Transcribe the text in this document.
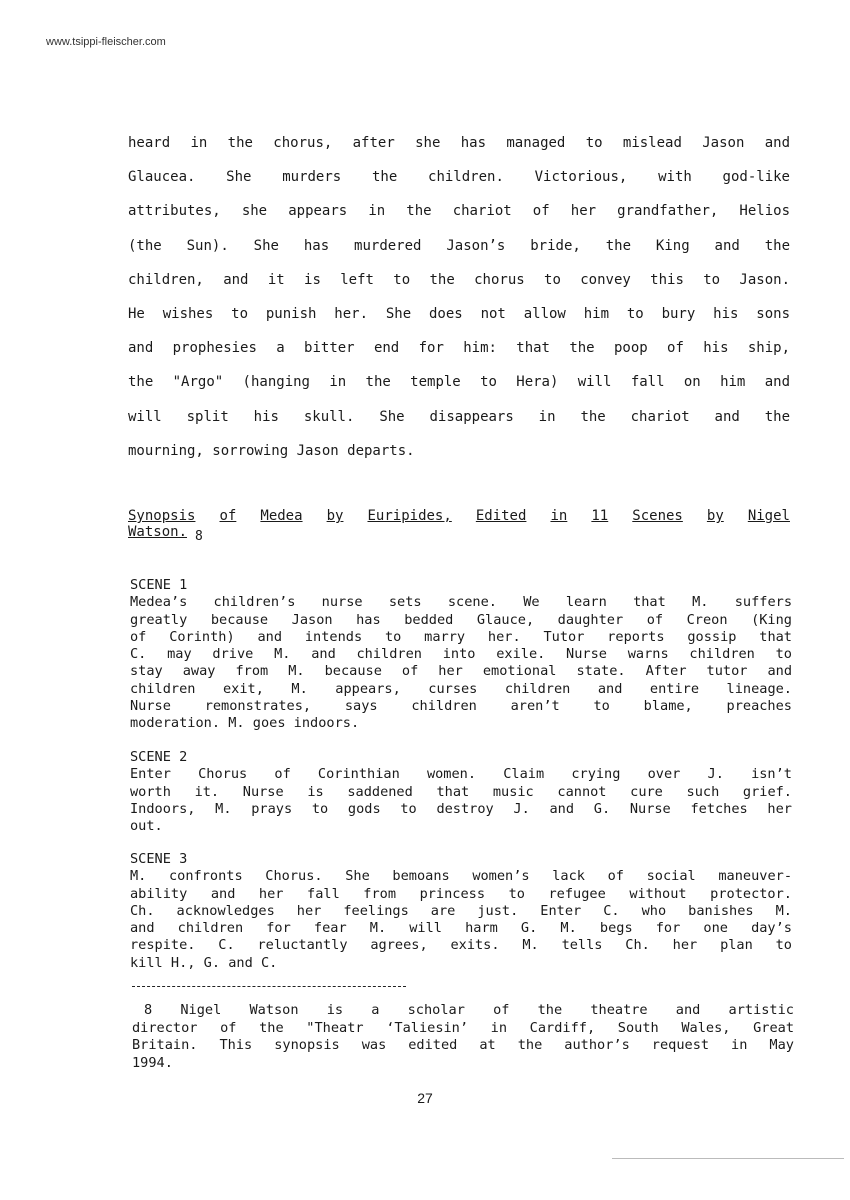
www.tsippi-fleischer.com
heard in the chorus, after she has managed to mislead Jason and
Glaucea. She murders the children. Victorious, with god-like
attributes, she appears in the chariot of her grandfather, Helios
(the Sun). She has murdered Jason’s bride, the King and the
children, and it is left to the chorus to convey this to Jason.
He wishes to punish her. She does not allow him to bury his sons
and prophesies a bitter end for him: that the poop of his ship,
the "Argo" (hanging in the temple to Hera) will fall on him and
will split his skull. She disappears in the chariot and the
mourning, sorrowing Jason departs.
Synopsis of Medea by Euripides, Edited in 11 Scenes by Nigel
Watson. 8
SCENE 1
Medea’s children’s nurse sets scene. We learn that M. suffers
greatly because Jason has bedded Glauce, daughter of Creon (King
of Corinth) and intends to marry her. Tutor reports gossip that
C. may drive M. and children into exile. Nurse warns children to
stay away from M. because of her emotional state. After tutor and
children exit, M. appears, curses children and entire lineage.
Nurse remonstrates, says children aren’t to blame, preaches
moderation. M. goes indoors.
SCENE 2
Enter Chorus of Corinthian women. Claim crying over J. isn’t
worth it. Nurse is saddened that music cannot cure such grief.
Indoors, M. prays to gods to destroy J. and G. Nurse fetches her
out.
SCENE 3
M. confronts Chorus. She bemoans women’s lack of social maneuver-
ability and her fall from princess to refugee without protector.
Ch. acknowledges her feelings are just. Enter C. who banishes M.
and children for fear M. will harm G. M. begs for one day’s
respite. C. reluctantly agrees, exits. M. tells Ch. her plan to
kill H., G. and C.
8 Nigel Watson is a scholar of the theatre and artistic
director of the "Theatr ‘Taliesin’ in Cardiff, South Wales, Great
Britain. This synopsis was edited at the author’s request in May
1994.
27
